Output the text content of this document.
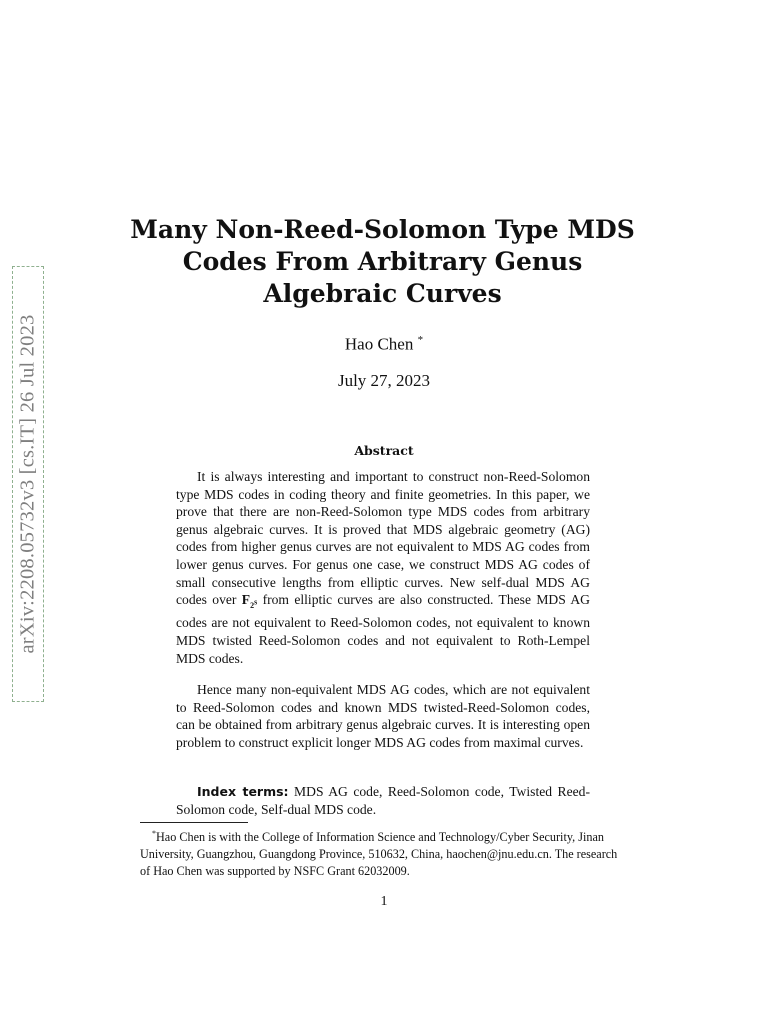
arXiv:2208.05732v3 [cs.IT] 26 Jul 2023
Many Non-Reed-Solomon Type MDS Codes From Arbitrary Genus Algebraic Curves
Hao Chen *
July 27, 2023
Abstract

It is always interesting and important to construct non-Reed-Solomon type MDS codes in coding theory and finite geometries. In this paper, we prove that there are non-Reed-Solomon type MDS codes from arbitrary genus algebraic curves. It is proved that MDS algebraic geometry (AG) codes from higher genus curves are not equivalent to MDS AG codes from lower genus curves. For genus one case, we construct MDS AG codes of small consecutive lengths from elliptic curves. New self-dual MDS AG codes over $F_{2s}$ from elliptic curves are also constructed. These MDS AG codes are not equivalent to Reed-Solomon codes, not equivalent to known MDS twisted Reed-Solomon codes and not equivalent to Roth-Lempel MDS codes.

Hence many non-equivalent MDS AG codes, which are not equivalent to Reed-Solomon codes and known MDS twisted-Reed-Solomon codes, can be obtained from arbitrary genus algebraic curves. It is interesting open problem to construct explicit longer MDS AG codes from maximal curves.

Index terms: MDS AG code, Reed-Solomon code, Twisted Reed-Solomon code, Self-dual MDS code.

*Hao Chen is with the College of Information Science and Technology/Cyber Security, Jinan University, Guangzhou, Guangdong Province, 510632, China, haochen@jnu.edu.cn. The research of Hao Chen was supported by NSFC Grant 62032009.

1
